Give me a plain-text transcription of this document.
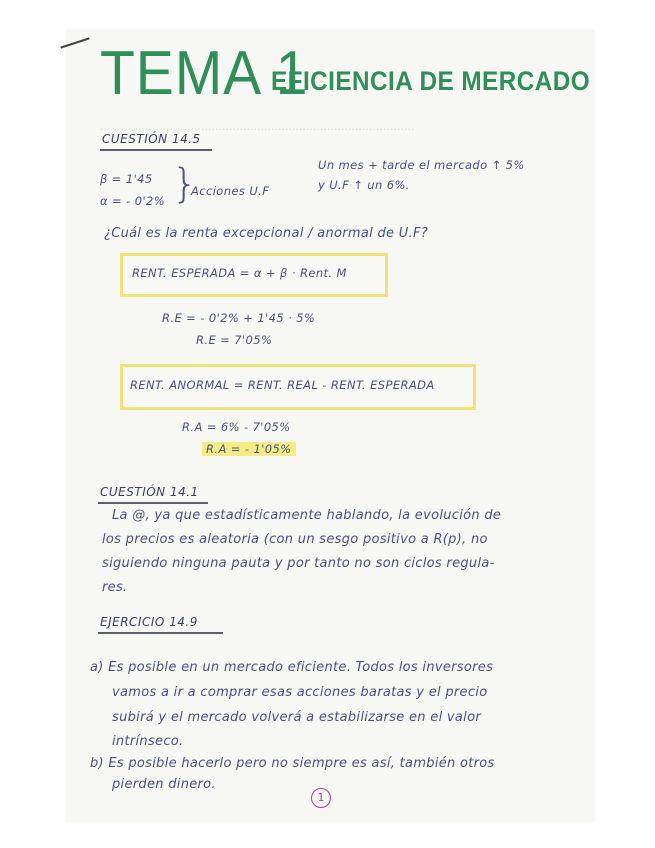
..........................................................................................
TEMA 1
EFICIENCIA DE MERCADO
CUESTIÓN 14.5
β = 1'45
α = - 0'2% }
Acciones U.F
Un mes + tarde el mercado ↑ 5%
y U.F ↑ un 6%.
¿Cuál es la renta excepcional / anormal de U.F?
RENT. ESPERADA = α + β · Rent. M
R.E = - 0'2% + 1'45 · 5%
R.E = 7'05%
RENT. ANORMAL = RENT. REAL - RENT. ESPERADA
R.A = 6% - 7'05%
R.A = - 1'05%
CUESTIÓN 14.1
La @, ya que estadísticamente hablando, la evolución de
los precios es aleatoria (con un sesgo positivo a R(p), no
siguiendo ninguna pauta y por tanto no son ciclos regula-
res.
EJERCICIO 14.9
a) Es posible en un mercado eficiente. Todos los inversores
vamos a ir a comprar esas acciones baratas y el precio
subirá y el mercado volverá a estabilizarse en el valor
intrínseco.
b) Es posible hacerlo pero no siempre es así, también otros
pierden dinero.
1
